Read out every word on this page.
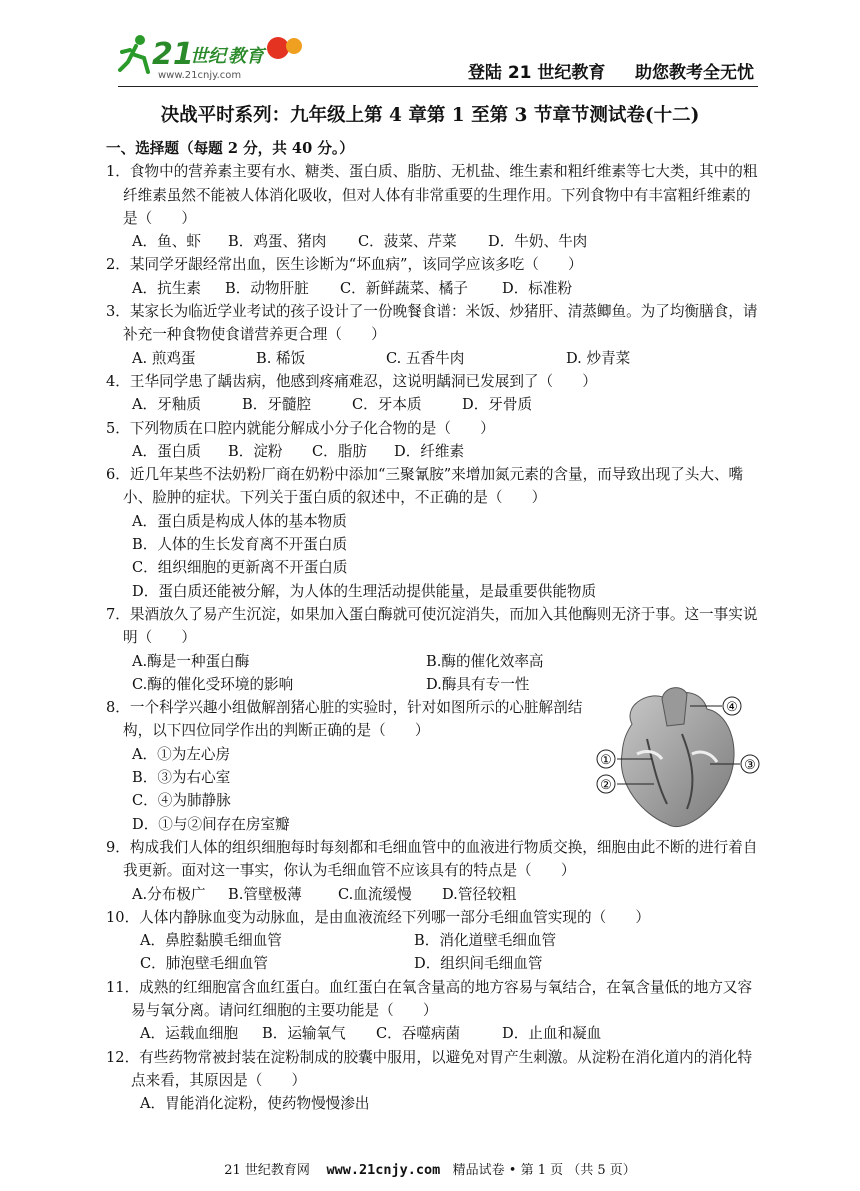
21
世纪 教育
www.21cnjy.com	登陆 21 世纪教育     助您教考全无忧
决战平时系列：九年级上第 4 章第 1 至第 3 节章节测试卷(十二)
一、选择题（每题 2 分，共 40 分。）
1．食物中的营养素主要有水、糖类、蛋白质、脂肪、无机盐、维生素和粗纤维素等七大类，其中的粗纤维素虽然不能被人体消化吸收，但对人体有非常重要的生理作用。下列食物中有丰富粗纤维素的是（　　）
A．鱼、虾	B．鸡蛋、猪肉	C．菠菜、芹菜	D．牛奶、牛肉
2．某同学牙龈经常出血，医生诊断为“坏血病”，该同学应该多吃（　　）
A．抗生素	B．动物肝脏	C．新鲜蔬菜、橘子	D．标准粉
3．某家长为临近学业考试的孩子设计了一份晚餐食谱：米饭、炒猪肝、清蒸鲫鱼。为了均衡膳食，请补充一种食物使食谱营养更合理（　　）
A. 煎鸡蛋	B. 稀饭	C. 五香牛肉	D. 炒青菜
4．王华同学患了龋齿病，他感到疼痛难忍，这说明龋洞已发展到了（　　）
A．牙釉质	B．牙髓腔	C．牙本质	D．牙骨质
5．下列物质在口腔内就能分解成小分子化合物的是（　　）
A．蛋白质	B．淀粉	C．脂肪	D．纤维素
6．近几年某些不法奶粉厂商在奶粉中添加“三聚氰胺”来增加氮元素的含量，而导致出现了头大、嘴小、脸肿的症状。下列关于蛋白质的叙述中，不正确的是（　　）
A．蛋白质是构成人体的基本物质
B．人体的生长发育离不开蛋白质
C．组织细胞的更新离不开蛋白质
D．蛋白质还能被分解，为人体的生理活动提供能量，是最重要供能物质
7．果酒放久了易产生沉淀，如果加入蛋白酶就可使沉淀消失，而加入其他酶则无济于事。这一事实说明（　　）
A.酶是一种蛋白酶	B.酶的催化效率高
C.酶的催化受环境的影响	D.酶具有专一性
8．一个科学兴趣小组做解剖猪心脏的实验时，针对如图所示的心脏解剖结构，以下四位同学作出的判断正确的是（　　）
A．①为左心房
B．③为右心室
C．④为肺静脉
D．①与②间存在房室瓣
9．构成我们人体的组织细胞每时每刻都和毛细血管中的血液进行物质交换，细胞由此不断的进行着自我更新。面对这一事实，你认为毛细血管不应该具有的特点是（　　）
A.分布极广	B.管壁极薄	C.血流缓慢	D.管径较粗
10．人体内静脉血变为动脉血，是由血液流经下列哪一部分毛细血管实现的（　　）
A．鼻腔黏膜毛细血管	B．消化道壁毛细血管
C．肺泡壁毛细血管	D．组织间毛细血管
11．成熟的红细胞富含血红蛋白。血红蛋白在氧含量高的地方容易与氧结合，在氧含量低的地方又容易与氧分离。请问红细胞的主要功能是（　　）
A．运载血细胞	B．运输氧气	C．吞噬病菌	D．止血和凝血
12．有些药物常被封装在淀粉制成的胶囊中服用，以避免对胃产生刺激。从淀粉在消化道内的消化特点来看，其原因是（　　）
A．胃能消化淀粉，使药物慢慢渗出
④
①
②
③
21 世纪教育网 www.21cnjy.com 精品试卷 • 第 1 页 （共 5 页）
